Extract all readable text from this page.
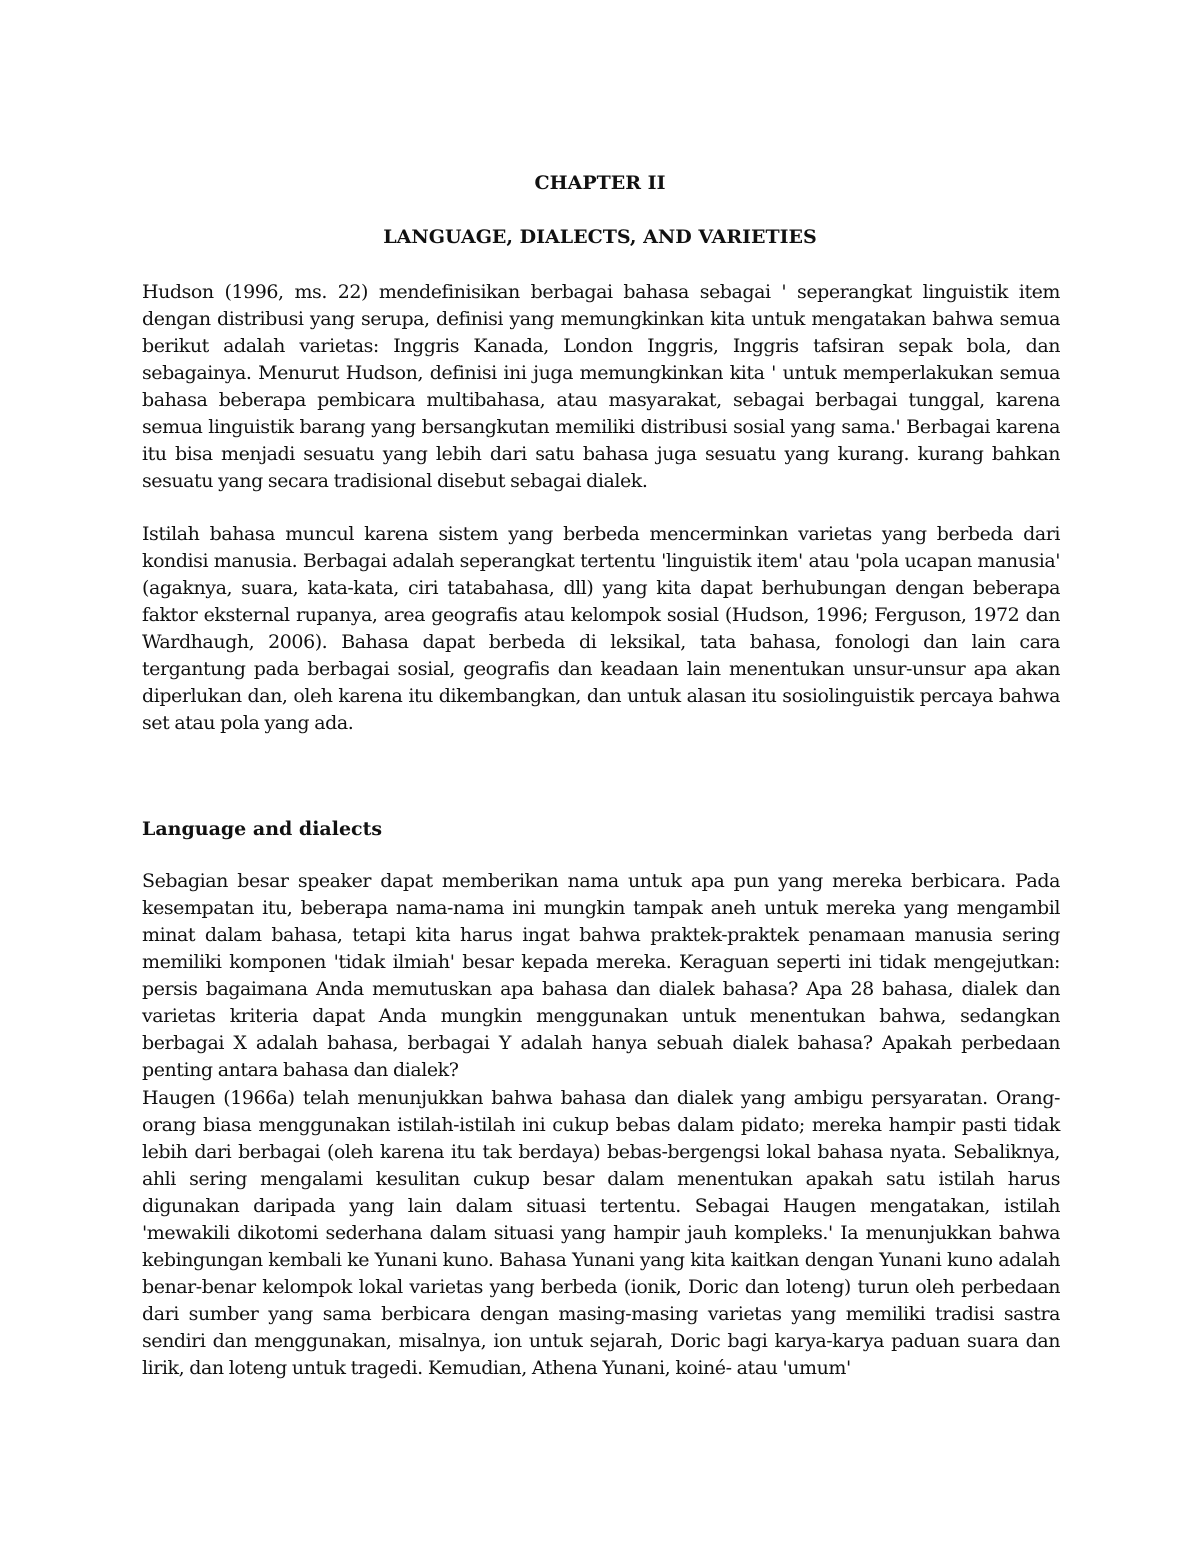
CHAPTER II
LANGUAGE, DIALECTS, AND VARIETIES

Hudson (1996, ms. 22) mendefinisikan berbagai bahasa sebagai ' seperangkat linguistik item dengan distribusi yang serupa, definisi yang memungkinkan kita untuk mengatakan bahwa semua berikut adalah varietas: Inggris Kanada, London Inggris, Inggris tafsiran sepak bola, dan sebagainya. Menurut Hudson, definisi ini juga memungkinkan kita ' untuk memperlakukan semua bahasa beberapa pembicara multibahasa, atau masyarakat, sebagai berbagai tunggal, karena semua linguistik barang yang bersangkutan memiliki distribusi sosial yang sama.' Berbagai karena itu bisa menjadi sesuatu yang lebih dari satu bahasa juga sesuatu yang kurang. kurang bahkan sesuatu yang secara tradisional disebut sebagai dialek.

Istilah bahasa muncul karena sistem yang berbeda mencerminkan varietas yang berbeda dari kondisi manusia. Berbagai adalah seperangkat tertentu 'linguistik item' atau 'pola ucapan manusia' (agaknya, suara, kata-kata, ciri tatabahasa, dll) yang kita dapat berhubungan dengan beberapa faktor eksternal rupanya, area geografis atau kelompok sosial (Hudson, 1996; Ferguson, 1972 dan Wardhaugh, 2006). Bahasa dapat berbeda di leksikal, tata bahasa, fonologi dan lain cara tergantung pada berbagai sosial, geografis dan keadaan lain menentukan unsur-unsur apa akan diperlukan dan, oleh karena itu dikembangkan, dan untuk alasan itu sosiolinguistik percaya bahwa set atau pola yang ada.

Language and dialects

Sebagian besar speaker dapat memberikan nama untuk apa pun yang mereka berbicara. Pada kesempatan itu, beberapa nama-nama ini mungkin tampak aneh untuk mereka yang mengambil minat dalam bahasa, tetapi kita harus ingat bahwa praktek-praktek penamaan manusia sering memiliki komponen 'tidak ilmiah' besar kepada mereka. Keraguan seperti ini tidak mengejutkan: persis bagaimana Anda memutuskan apa bahasa dan dialek bahasa? Apa 28 bahasa, dialek dan varietas kriteria dapat Anda mungkin menggunakan untuk menentukan bahwa, sedangkan berbagai X adalah bahasa, berbagai Y adalah hanya sebuah dialek bahasa? Apakah perbedaan penting antara bahasa dan dialek?

Haugen (1966a) telah menunjukkan bahwa bahasa dan dialek yang ambigu persyaratan. Orang-orang biasa menggunakan istilah-istilah ini cukup bebas dalam pidato; mereka hampir pasti tidak lebih dari berbagai (oleh karena itu tak berdaya) bebas-bergengsi lokal bahasa nyata. Sebaliknya, ahli sering mengalami kesulitan cukup besar dalam menentukan apakah satu istilah harus digunakan daripada yang lain dalam situasi tertentu. Sebagai Haugen mengatakan, istilah 'mewakili dikotomi sederhana dalam situasi yang hampir jauh kompleks.' Ia menunjukkan bahwa kebingungan kembali ke Yunani kuno. Bahasa Yunani yang kita kaitkan dengan Yunani kuno adalah benar-benar kelompok lokal varietas yang berbeda (ionik, Doric dan loteng) turun oleh perbedaan dari sumber yang sama berbicara dengan masing-masing varietas yang memiliki tradisi sastra sendiri dan menggunakan, misalnya, ion untuk sejarah, Doric bagi karya-karya paduan suara dan lirik, dan loteng untuk tragedi. Kemudian, Athena Yunani, koiné- atau 'umum'
